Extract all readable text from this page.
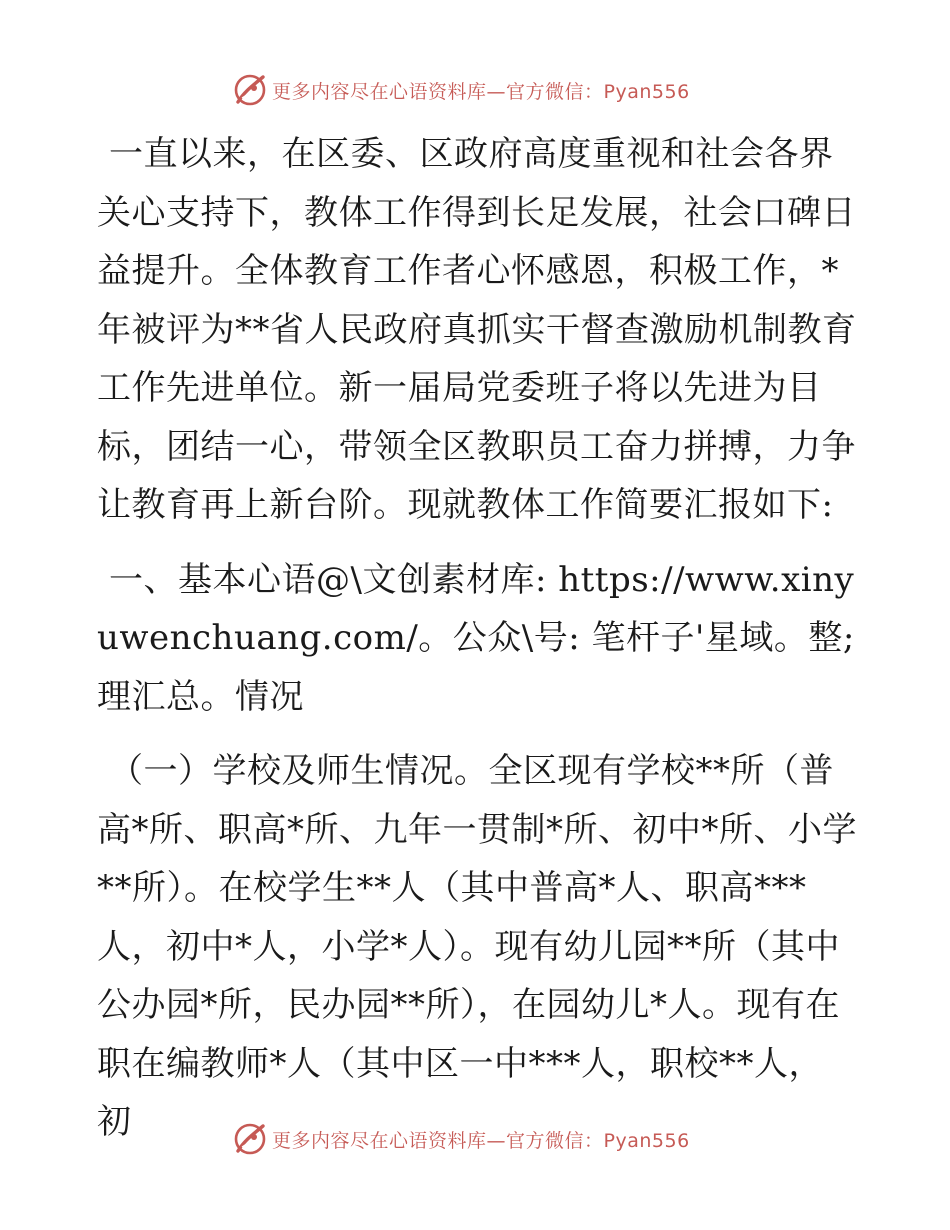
更多内容尽在心语资料库—官方微信：Pyan556

一直以来，在区委、区政府高度重视和社会各界关心支持下，教体工作得到长足发展，社会口碑日益提升。全体教育工作者心怀感恩，积极工作，*年被评为**省人民政府真抓实干督查激励机制教育工作先进单位。新一届局党委班子将以先进为目标，团结一心，带领全区教职员工奋力拼搏，力争让教育再上新台阶。现就教体工作简要汇报如下:

一、基本心语@\文创素材库: https://www.xinyuwenchuang.com/。公众\号: 笔杆子'星域。整;理汇总。情况

（一）学校及师生情况。全区现有学校**所（普高*所、职高*所、九年一贯制*所、初中*所、小学**所）。在校学生**人（其中普高*人、职高***人，初中*人，小学*人）。现有幼儿园**所（其中公办园*所，民办园**所），在园幼儿*人。现有在职在编教师*人（其中区一中***人，职校**人，初	更多内容尽在心语资料库—官方微信：Pyan556
